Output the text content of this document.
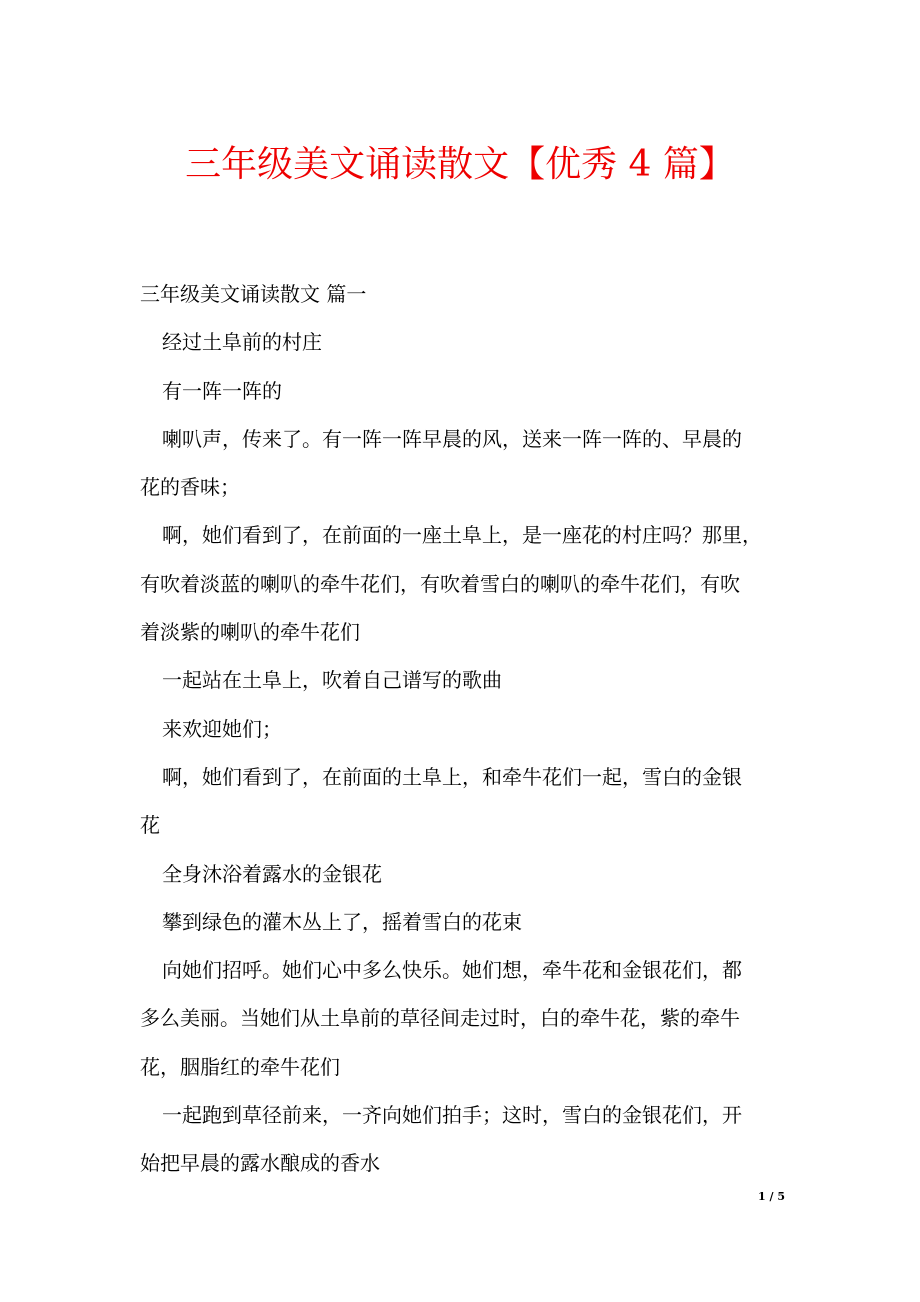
三年级美文诵读散文【优秀 4 篇】
三年级美文诵读散文 篇一
经过土阜前的村庄
有一阵一阵的
喇叭声，传来了。有一阵一阵早晨的风，送来一阵一阵的、早晨的
花的香味；
啊，她们看到了，在前面的一座土阜上，是一座花的村庄吗？那里，
有吹着淡蓝的喇叭的牵牛花们，有吹着雪白的喇叭的牵牛花们，有吹
着淡紫的喇叭的牵牛花们
一起站在土阜上，吹着自己谱写的歌曲
来欢迎她们；
啊，她们看到了，在前面的土阜上，和牵牛花们一起，雪白的金银
花
全身沐浴着露水的金银花
攀到绿色的灌木丛上了，摇着雪白的花束
向她们招呼。她们心中多么快乐。她们想，牵牛花和金银花们，都
多么美丽。当她们从土阜前的草径间走过时，白的牵牛花，紫的牵牛
花，胭脂红的牵牛花们
一起跑到草径前来，一齐向她们拍手；这时，雪白的金银花们，开
始把早晨的露水酿成的香水
1 / 5
